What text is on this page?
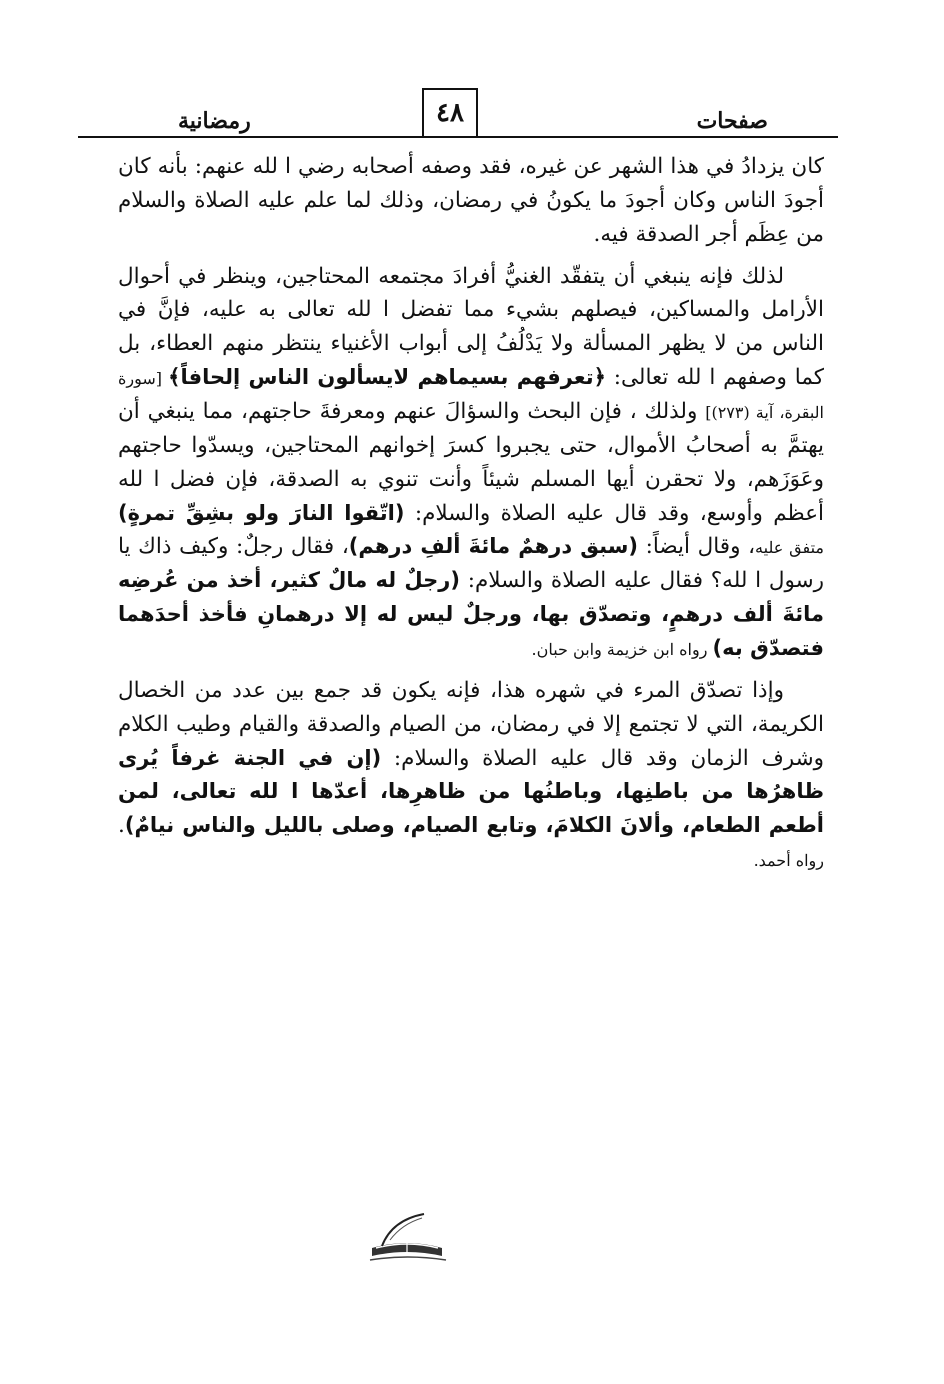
صفحات
رمضانية	٤٨

كان يزدادُ في هذا الشهر عن غيره، فقد وصفه أصحابه رضي ا لله عنهم: بأنه كان أجودَ الناس وكان أجودَ ما يكونُ في رمضان، وذلك لما علم عليه الصلاة والسلام من عِظَم أجر الصدقة فيه.

لذلك فإنه ينبغي أن يتفقّد الغنيُّ أفرادَ مجتمعه المحتاجين، وينظر في أحوال الأرامل والمساكين، فيصلهم بشيء مما تفضل ا لله تعالى به عليه، فإنَّ في الناس من لا يظهر المسألة ولا يَدْلُفُ إلى أبواب الأغنياء ينتظر منهم العطاء، بل كما وصفهم ا لله تعالى: ﴿تعرفهم بسيماهم لايسألون الناس إلحافاً﴾ [سورة البقرة، آية (٢٧٣)] ولذلك ، فإن البحث والسؤالَ عنهم ومعرفةَ حاجتهم، مما ينبغي أن يهتمَّ به أصحابُ الأموال، حتى يجبروا كسرَ إخوانهم المحتاجين، ويسدّوا حاجتهم وعَوَزَهم، ولا تحقرن أيها المسلم شيئاً وأنت تنوي به الصدقة، فإن فضل ا لله أعظم وأوسع، وقد قال عليه الصلاة والسلام: (اتّقوا النارَ ولو بشِقِّ تمرةٍ) متفق عليه، وقال أيضاً: (سبق درهمٌ مائةَ ألفِ درهم)، فقال رجلٌ: وكيف ذاك يا رسول ا لله؟ فقال عليه الصلاة والسلام: (رجلٌ له مالٌ كثير، أخذ من عُرضِه مائةَ ألف درهمٍ، وتصدّق بها، ورجلٌ ليس له إلا درهمانِ فأخذ أحدَهما فتصدّق به) رواه ابن خزيمة وابن حبان.

وإذا تصدّق المرء في شهره هذا، فإنه يكون قد جمع بين عدد من الخصال الكريمة، التي لا تجتمع إلا في رمضان، من الصيام والصدقة والقيام وطيب الكلام وشرف الزمان وقد قال عليه الصلاة والسلام: (إن في الجنة غرفاً يُرى ظاهرُها من باطنِها، وباطنُها من ظاهرِها، أعدّها ا لله تعالى، لمن أطعم الطعام، وألانَ الكلامَ، وتابع الصيام، وصلى بالليل والناس نيامٌ). رواه أحمد.
